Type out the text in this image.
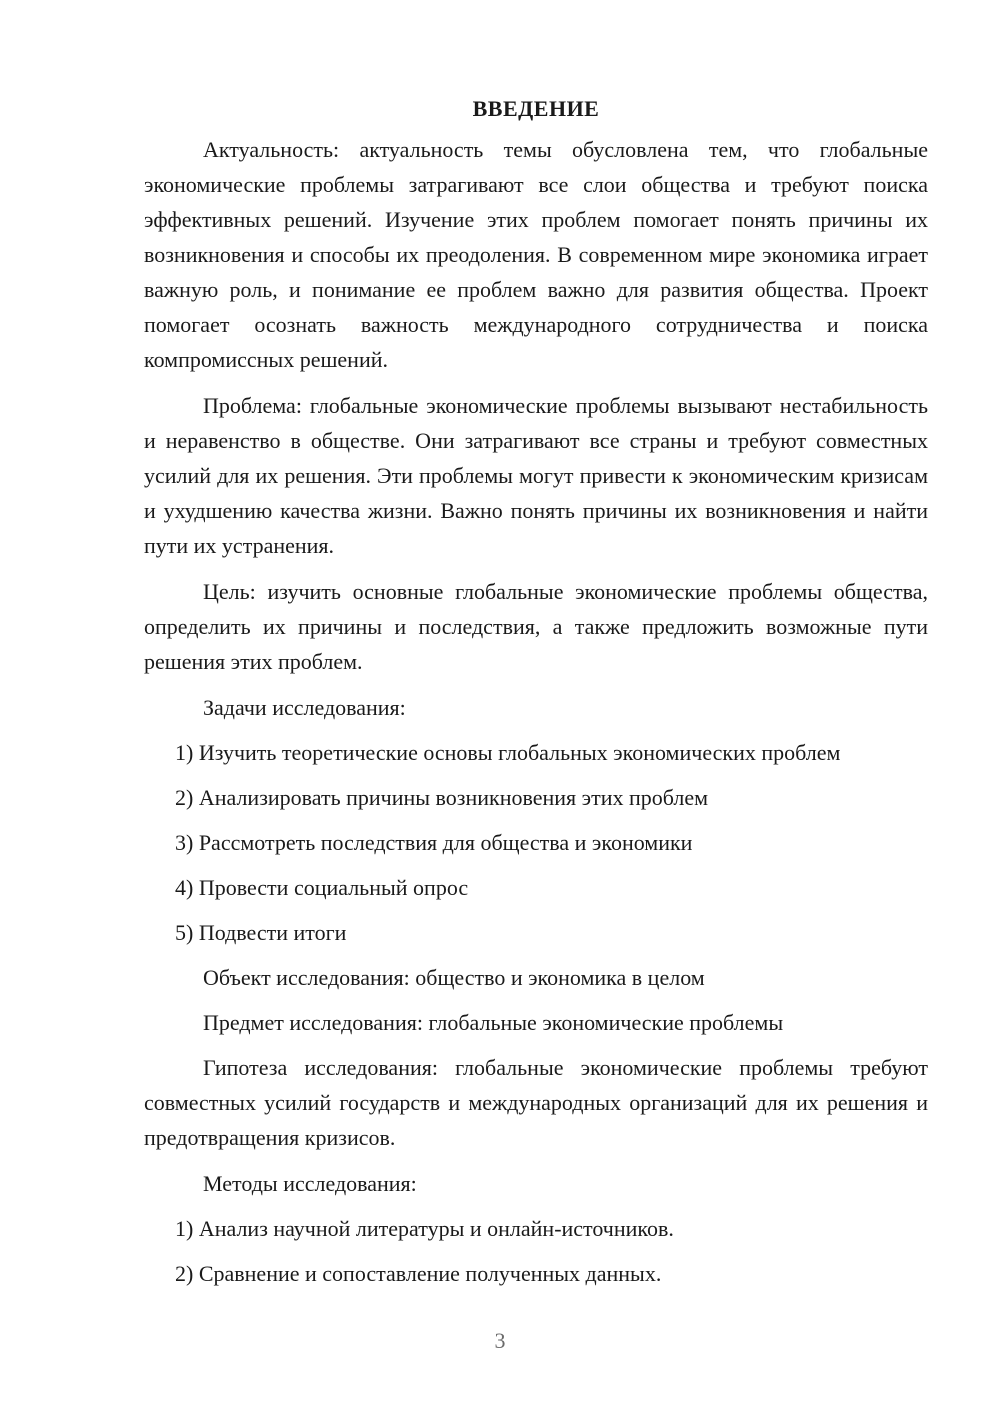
ВВЕДЕНИЕ

Актуальность: актуальность темы обусловлена тем, что глобальные экономические проблемы затрагивают все слои общества и требуют поиска эффективных решений. Изучение этих проблем помогает понять причины их возникновения и способы их преодоления. В современном мире экономика играет важную роль, и понимание ее проблем важно для развития общества. Проект помогает осознать важность международного сотрудничества и поиска компромиссных решений.

Проблема: глобальные экономические проблемы вызывают нестабильность и неравенство в обществе. Они затрагивают все страны и требуют совместных усилий для их решения. Эти проблемы могут привести к экономическим кризисам и ухудшению качества жизни. Важно понять причины их возникновения и найти пути их устранения.

Цель: изучить основные глобальные экономические проблемы общества, определить их причины и последствия, а также предложить возможные пути решения этих проблем.

Задачи исследования:

1) Изучить теоретические основы глобальных экономических проблем
2) Анализировать причины возникновения этих проблем
3) Рассмотреть последствия для общества и экономики
4) Провести социальный опрос
5) Подвести итоги

Объект исследования: общество и экономика в целом

Предмет исследования: глобальные экономические проблемы

Гипотеза исследования: глобальные экономические проблемы требуют совместных усилий государств и международных организаций для их решения и предотвращения кризисов.

Методы исследования:

1) Анализ научной литературы и онлайн-источников.
2) Сравнение и сопоставление полученных данных.
3
